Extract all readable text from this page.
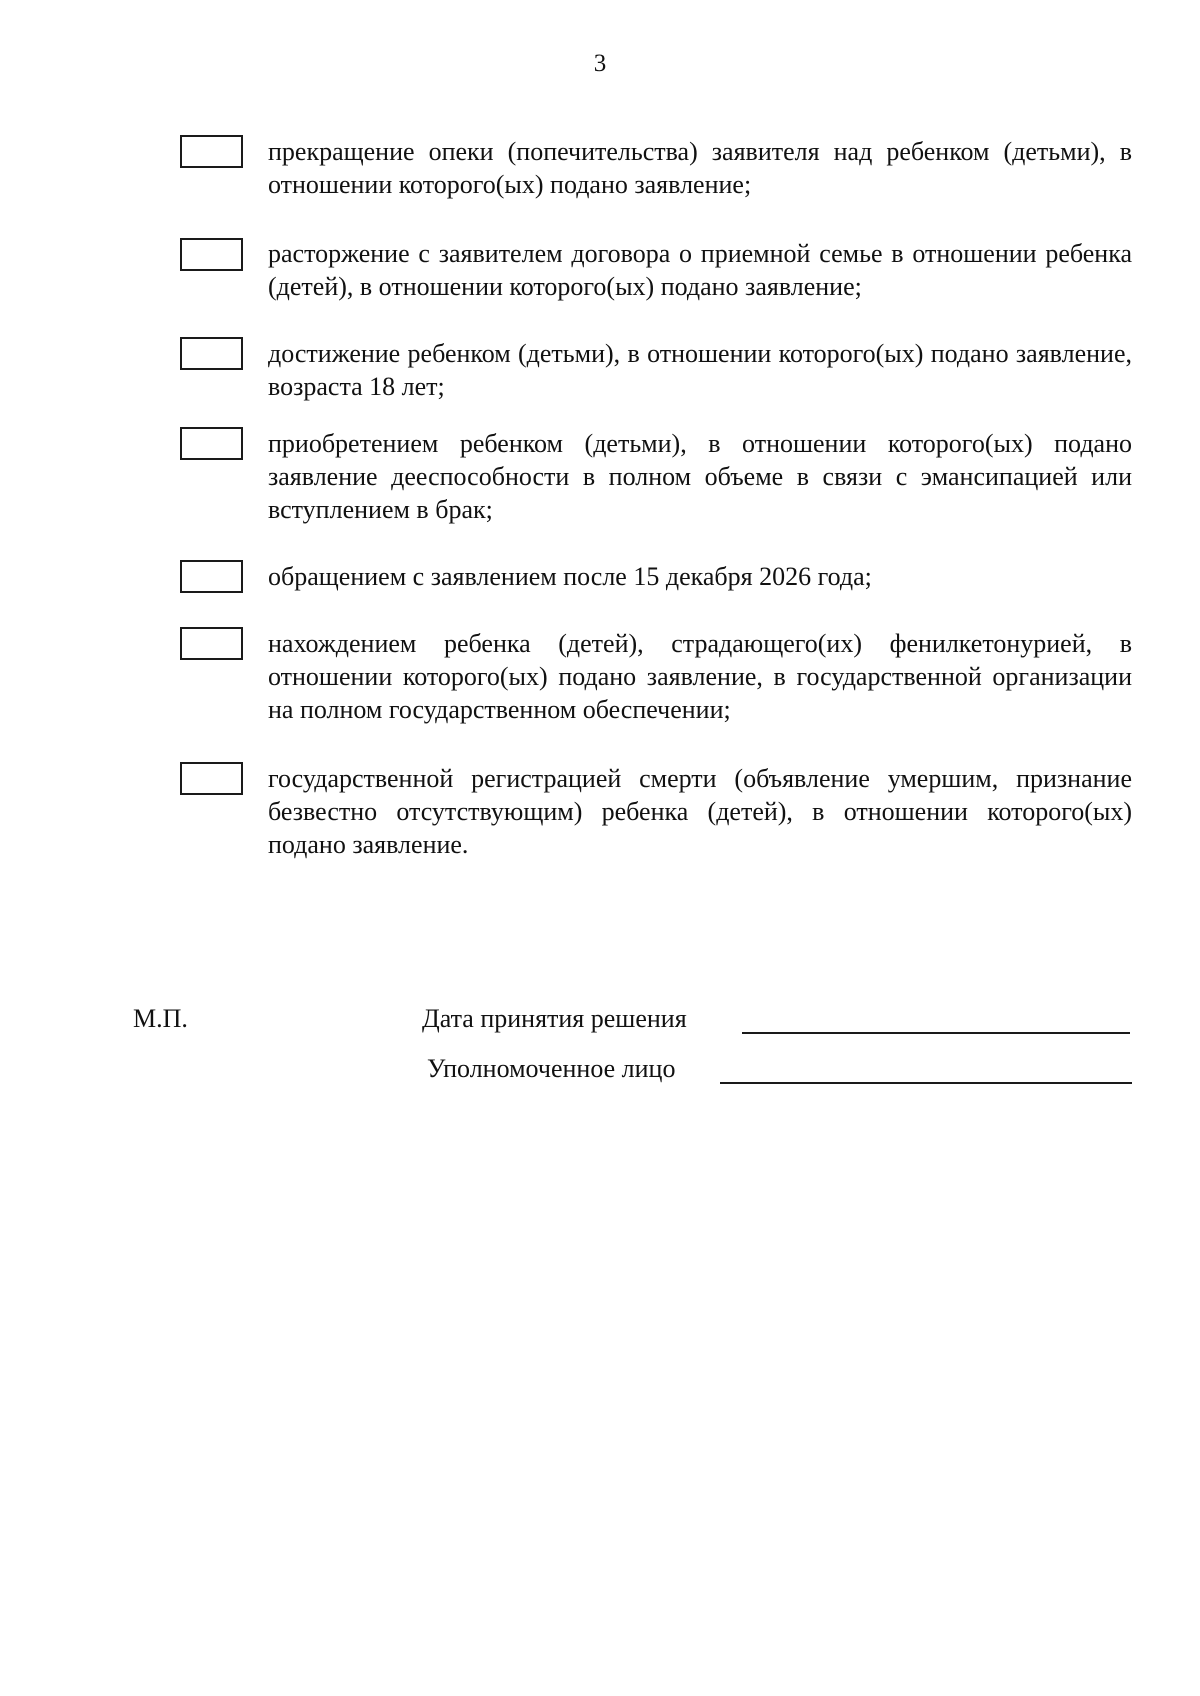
3
прекращение опеки (попечительства) заявителя над ребенком (детьми), в отношении которого(ых) подано заявление;
расторжение с заявителем договора о приемной семье в отношении ребенка (детей), в отношении которого(ых) подано заявление;
достижение ребенком (детьми), в отношении которого(ых) подано заявление, возраста 18 лет;
приобретением ребенком (детьми), в отношении которого(ых) подано заявление дееспособности в полном объеме в связи с эмансипацией или вступлением в брак;
обращением с заявлением после 15 декабря 2026 года;
нахождением ребенка (детей), страдающего(их) фенилкетонурией, в отношении которого(ых) подано заявление, в государственной организации на полном государственном обеспечении;
государственной регистрацией смерти (объявление умершим, признание безвестно отсутствующим) ребенка (детей), в отношении которого(ых) подано заявление.
М.П.	Дата принятия решения
Уполномоченное лицо
